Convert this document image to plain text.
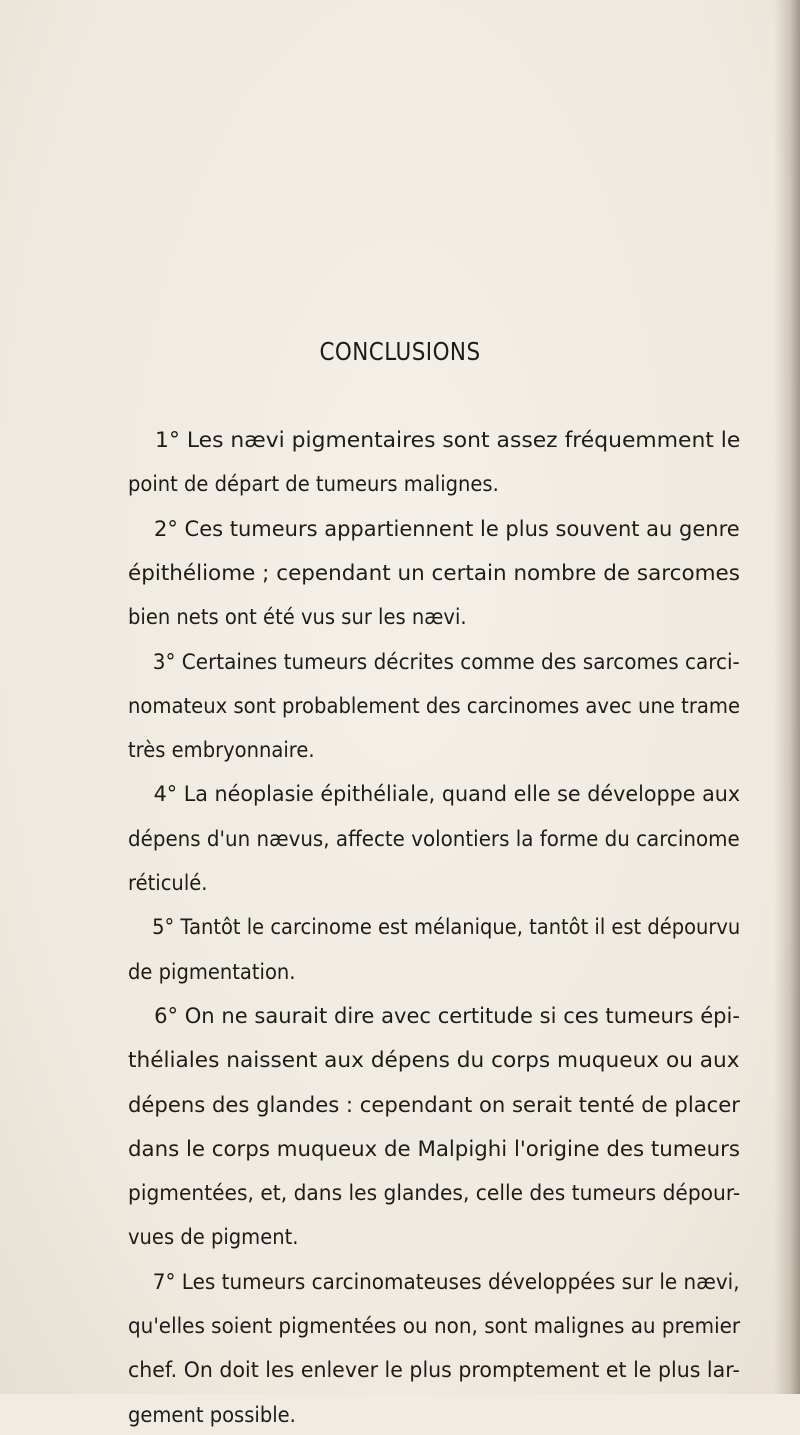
CONCLUSIONS
1° Les nævi pigmentaires sont assez fréquemment le
point de départ de tumeurs malignes.
2° Ces tumeurs appartiennent le plus souvent au genre
épithéliome ; cependant un certain nombre de sarcomes
bien nets ont été vus sur les nævi.
3° Certaines tumeurs décrites comme des sarcomes carci-
nomateux sont probablement des carcinomes avec une trame
très embryonnaire.
4° La néoplasie épithéliale, quand elle se développe aux
dépens d'un nævus, affecte volontiers la forme du carcinome
réticulé.
5° Tantôt le carcinome est mélanique, tantôt il est dépourvu
de pigmentation.
6° On ne saurait dire avec certitude si ces tumeurs épi-
théliales naissent aux dépens du corps muqueux ou aux
dépens des glandes : cependant on serait tenté de placer
dans le corps muqueux de Malpighi l'origine des tumeurs
pigmentées, et, dans les glandes, celle des tumeurs dépour-
vues de pigment.
7° Les tumeurs carcinomateuses développées sur le nævi,
qu'elles soient pigmentées ou non, sont malignes au premier
chef. On doit les enlever le plus promptement et le plus lar-
gement possible.
